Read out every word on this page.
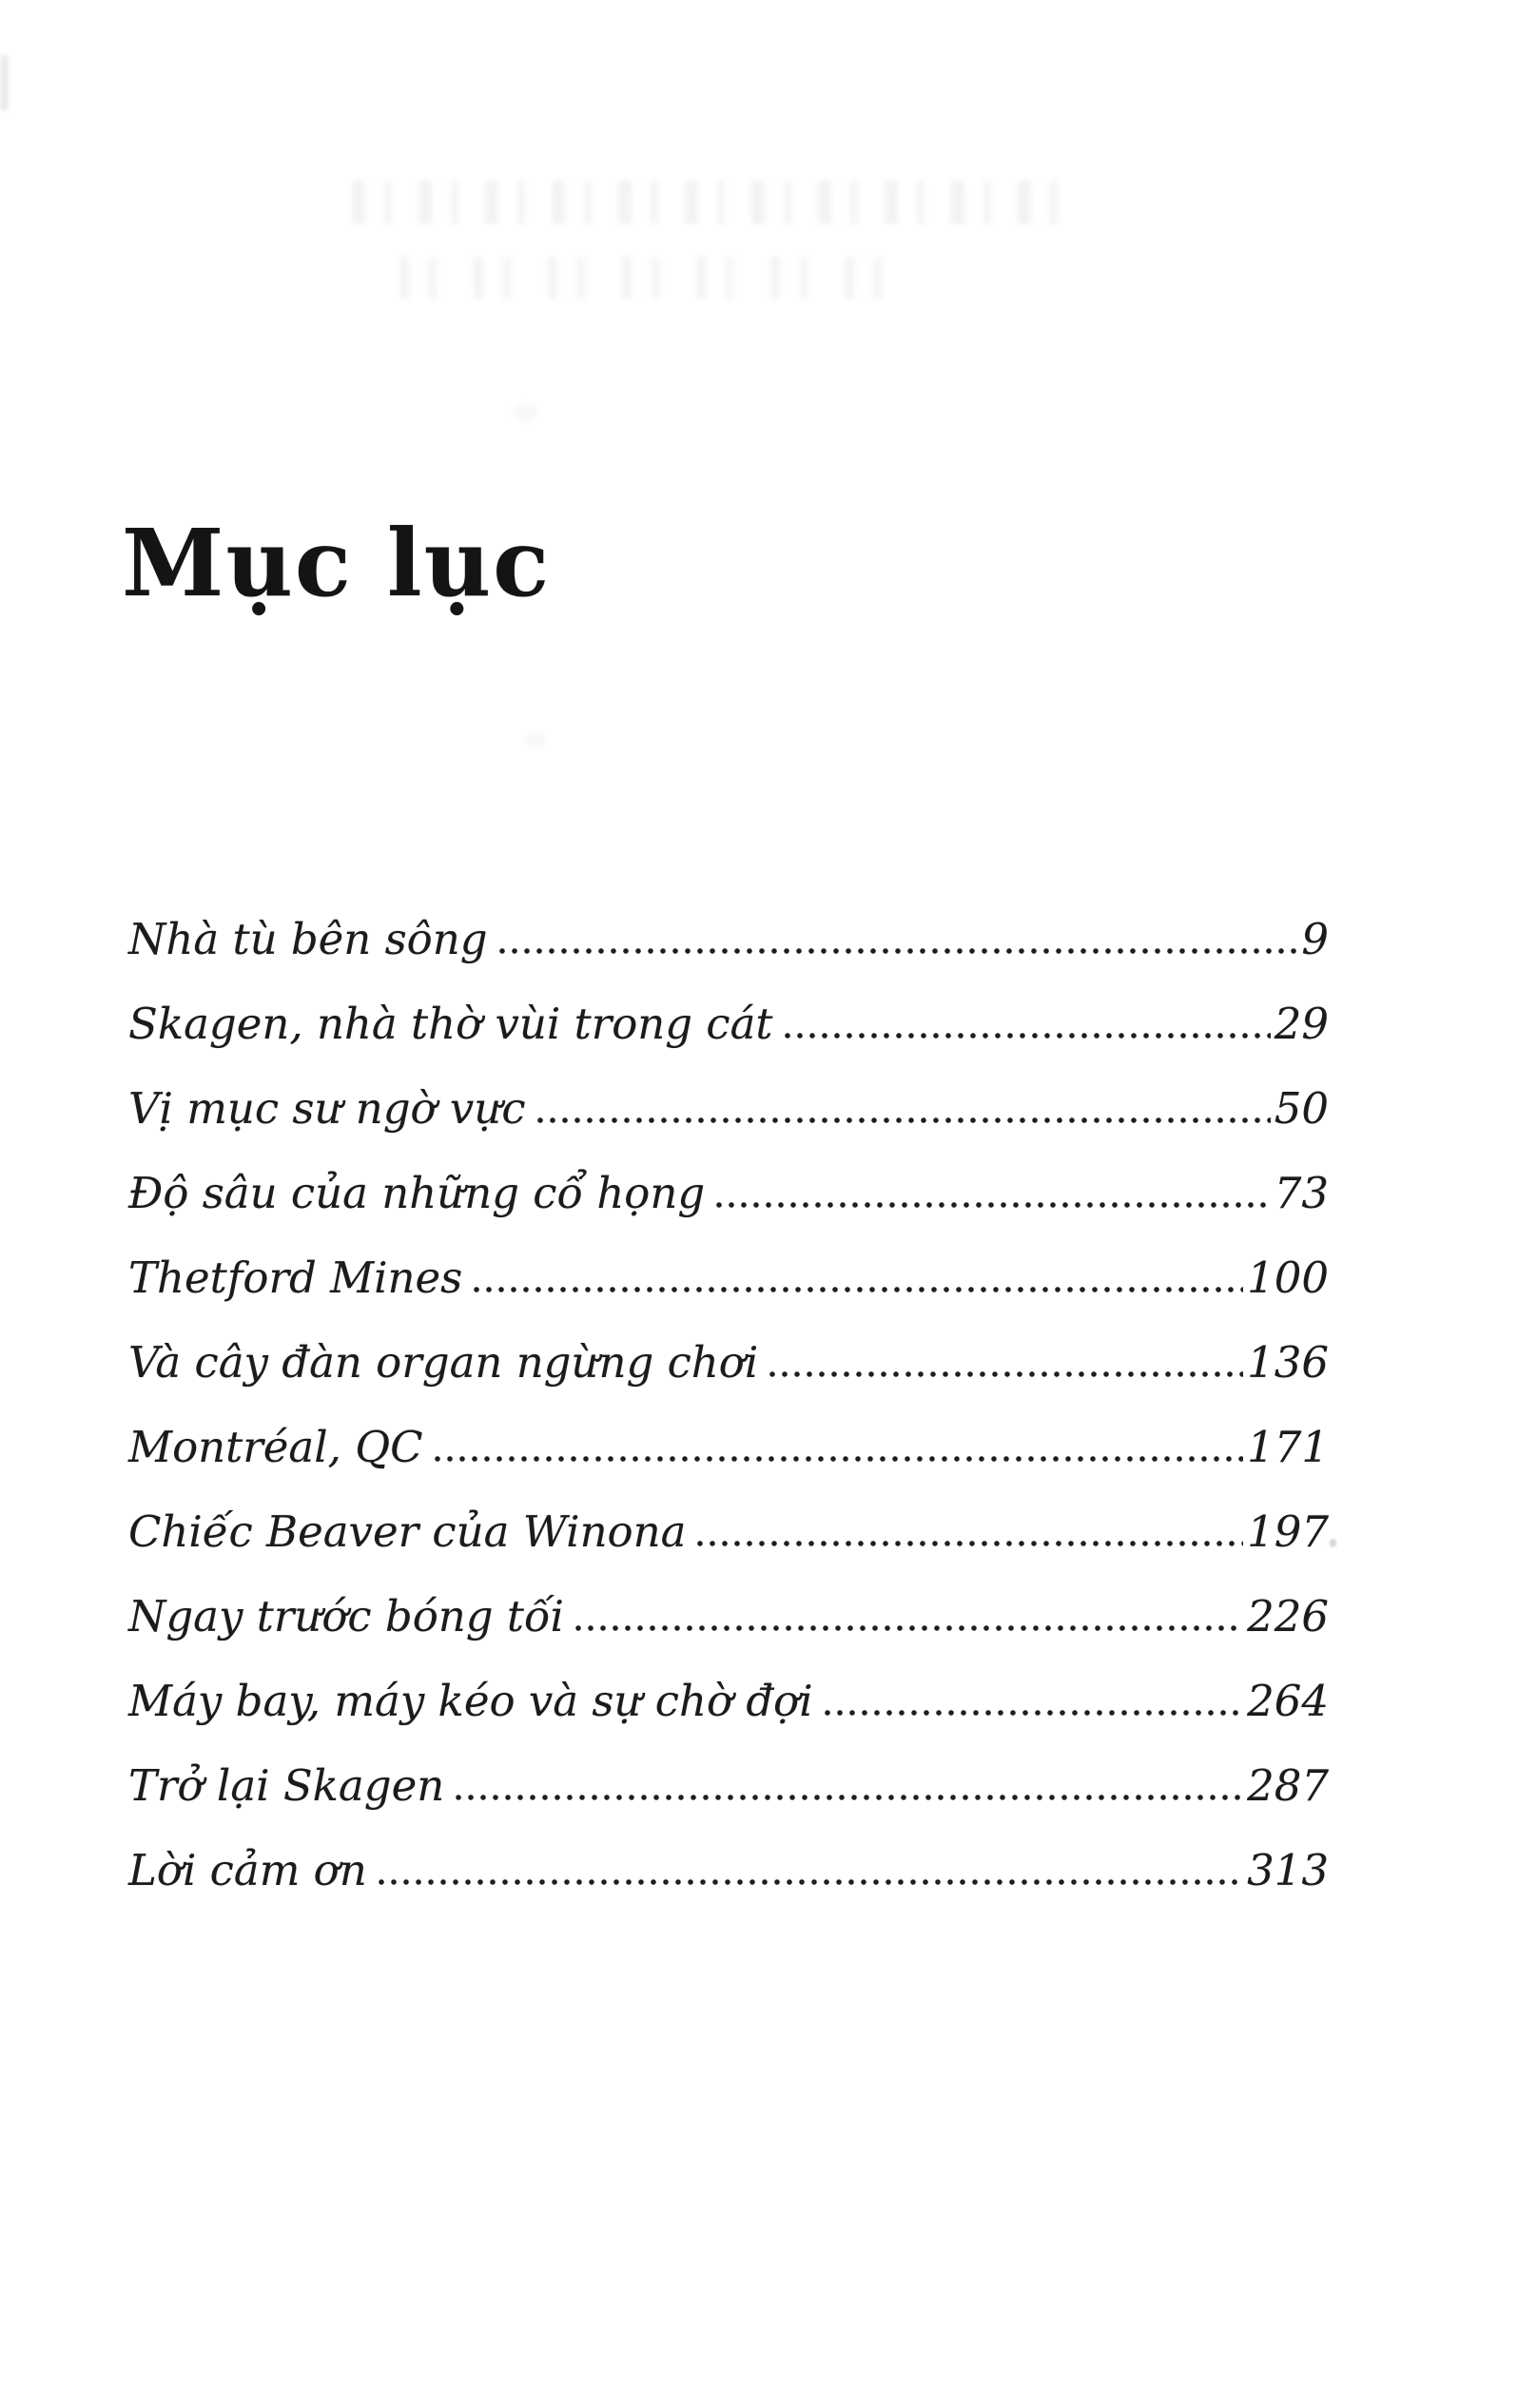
Mục lục
Nhà tù bên sông	9
Skagen, nhà thờ vùi trong cát	29
Vị mục sư ngờ vực	50
Độ sâu của những cổ họng	73
Thetford Mines	100
Và cây đàn organ ngừng chơi	136
Montréal, QC	171
Chiếc Beaver của Winona	197
Ngay trước bóng tối	226
Máy bay, máy kéo và sự chờ đợi	264
Trở lại Skagen	287
Lời cảm ơn	313
